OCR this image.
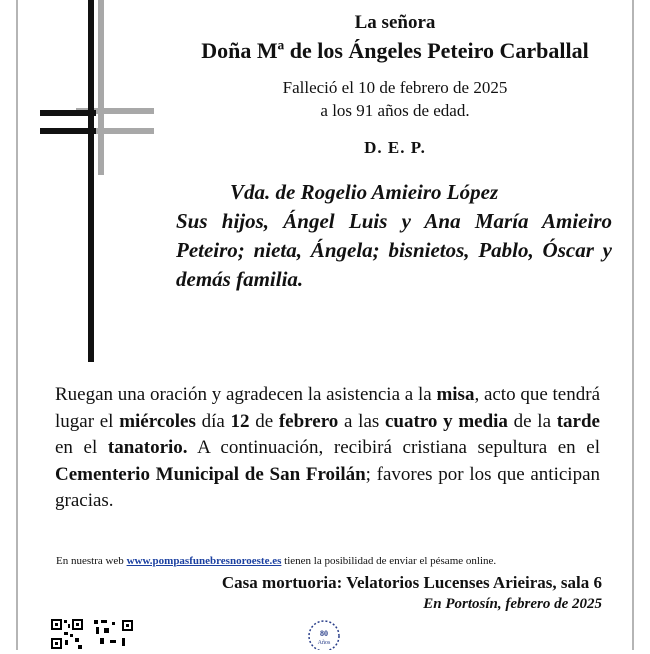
La señora
Doña Mª de los Ángeles Peteiro Carballal
Falleció el 10 de febrero de 2025
a los 91 años de edad.
D. E. P.
Vda. de Rogelio Amieiro López
Sus hijos, Ángel Luis y Ana María Amieiro Peteiro; nieta, Ángela; bisnietos, Pablo, Óscar y demás familia.
Ruegan una oración y agradecen la asistencia a la misa, acto que tendrá lugar el miércoles día 12 de febrero a las cuatro y media de la tarde en el tanatorio. A continuación, recibirá cristiana sepultura en el Cementerio Municipal de San Froilán; favores por los que anticipan gracias.
En nuestra web www.pompasfunebresnoroeste.es tienen la posibilidad de enviar el pésame online.
Casa mortuoria: Velatorios Lucenses Arieiras, sala 6
En Portosín, febrero de 2025
80
Años
